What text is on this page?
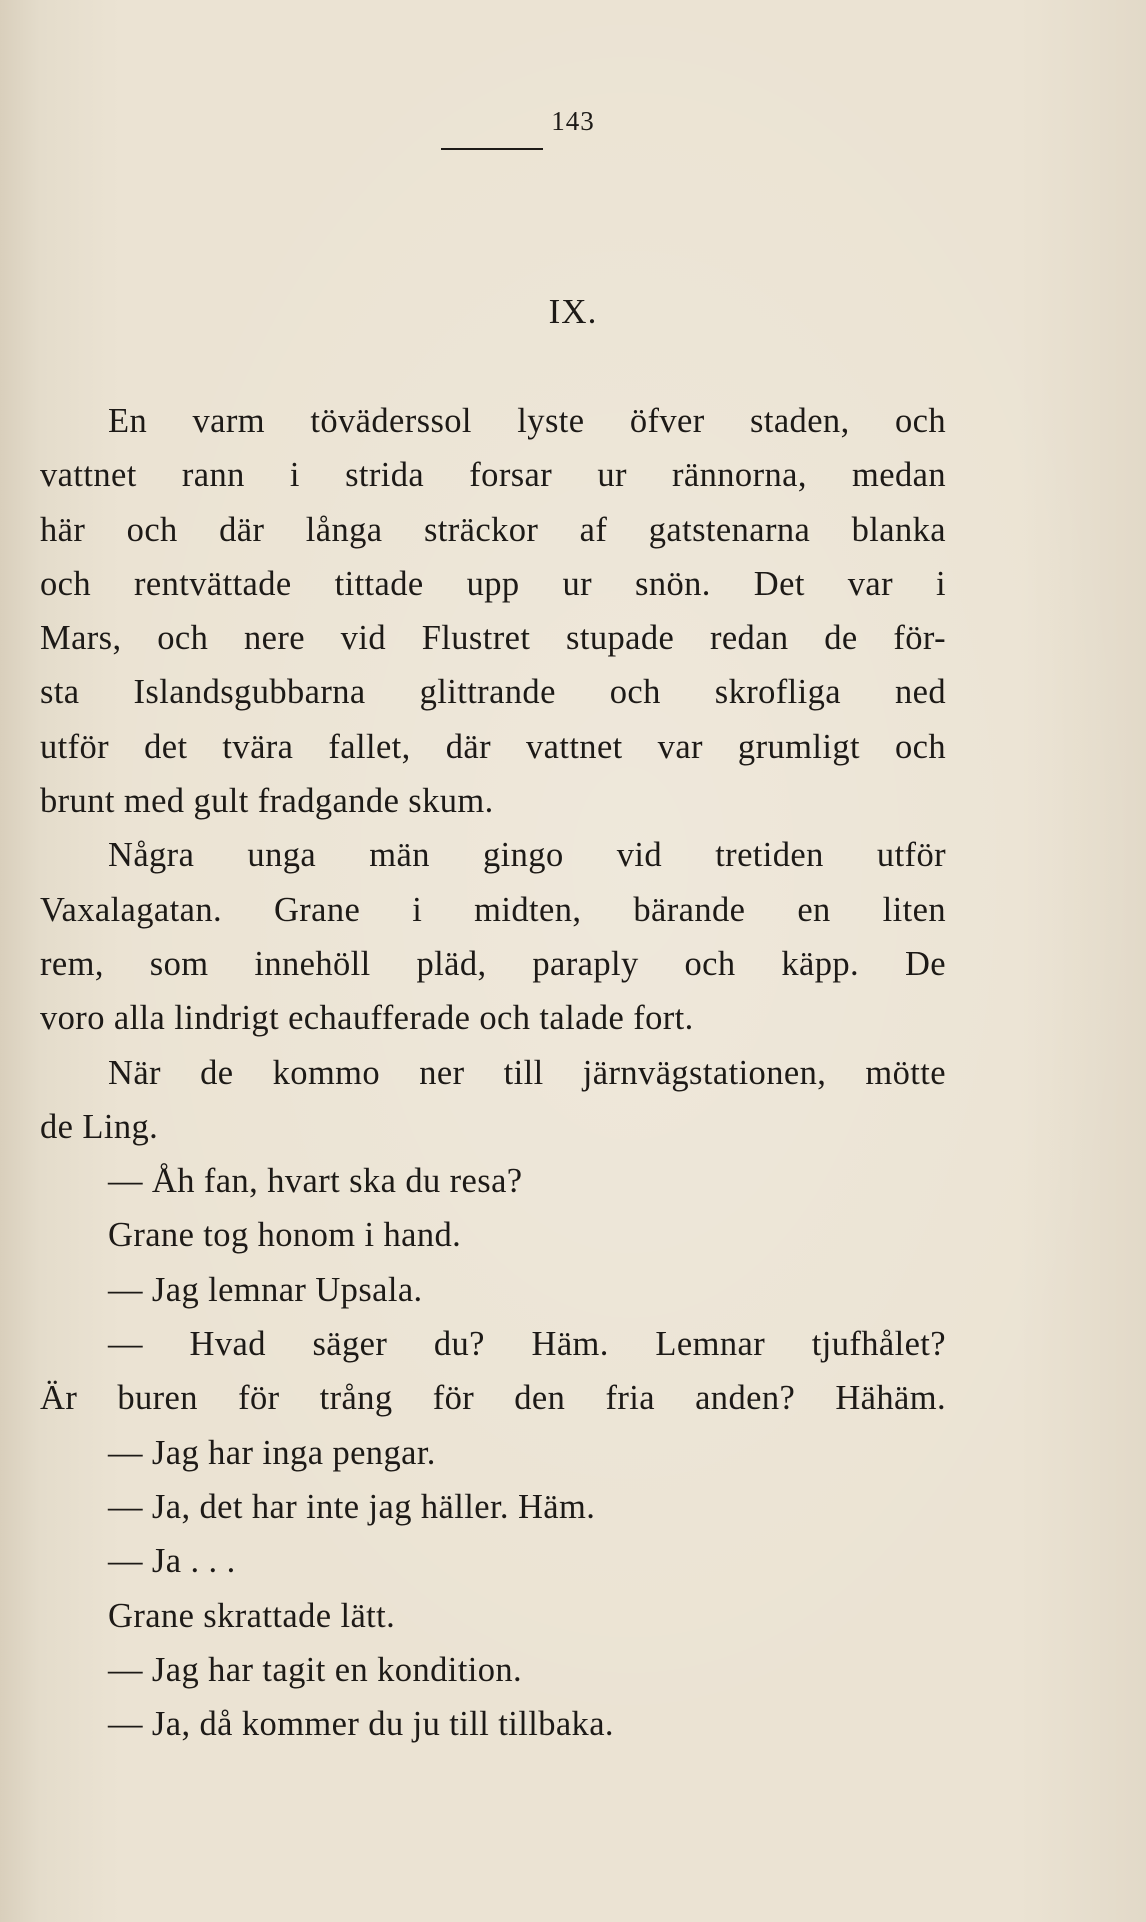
143
IX.
En varm töväderssol lyste öfver staden, och
vattnet rann i strida forsar ur rännorna, medan
här och där långa sträckor af gatstenarna blanka
och rentvättade tittade upp ur snön. Det var i
Mars, och nere vid Flustret stupade redan de för-
sta Islandsgubbarna glittrande och skrofliga ned
utför det tvära fallet, där vattnet var grumligt och
brunt med gult fradgande skum.
Några unga män gingo vid tretiden utför
Vaxalagatan. Grane i midten, bärande en liten
rem, som innehöll pläd, paraply och käpp. De
voro alla lindrigt echaufferade och talade fort.
När de kommo ner till järnvägstationen, mötte
de Ling.
— Åh fan, hvart ska du resa?
Grane tog honom i hand.
— Jag lemnar Upsala.
— Hvad säger du? Häm. Lemnar tjufhålet?
Är buren för trång för den fria anden? Hähäm.
— Jag har inga pengar.
— Ja, det har inte jag häller. Häm.
— Ja . . .
Grane skrattade lätt.
— Jag har tagit en kondition.
— Ja, då kommer du ju till tillbaka.
